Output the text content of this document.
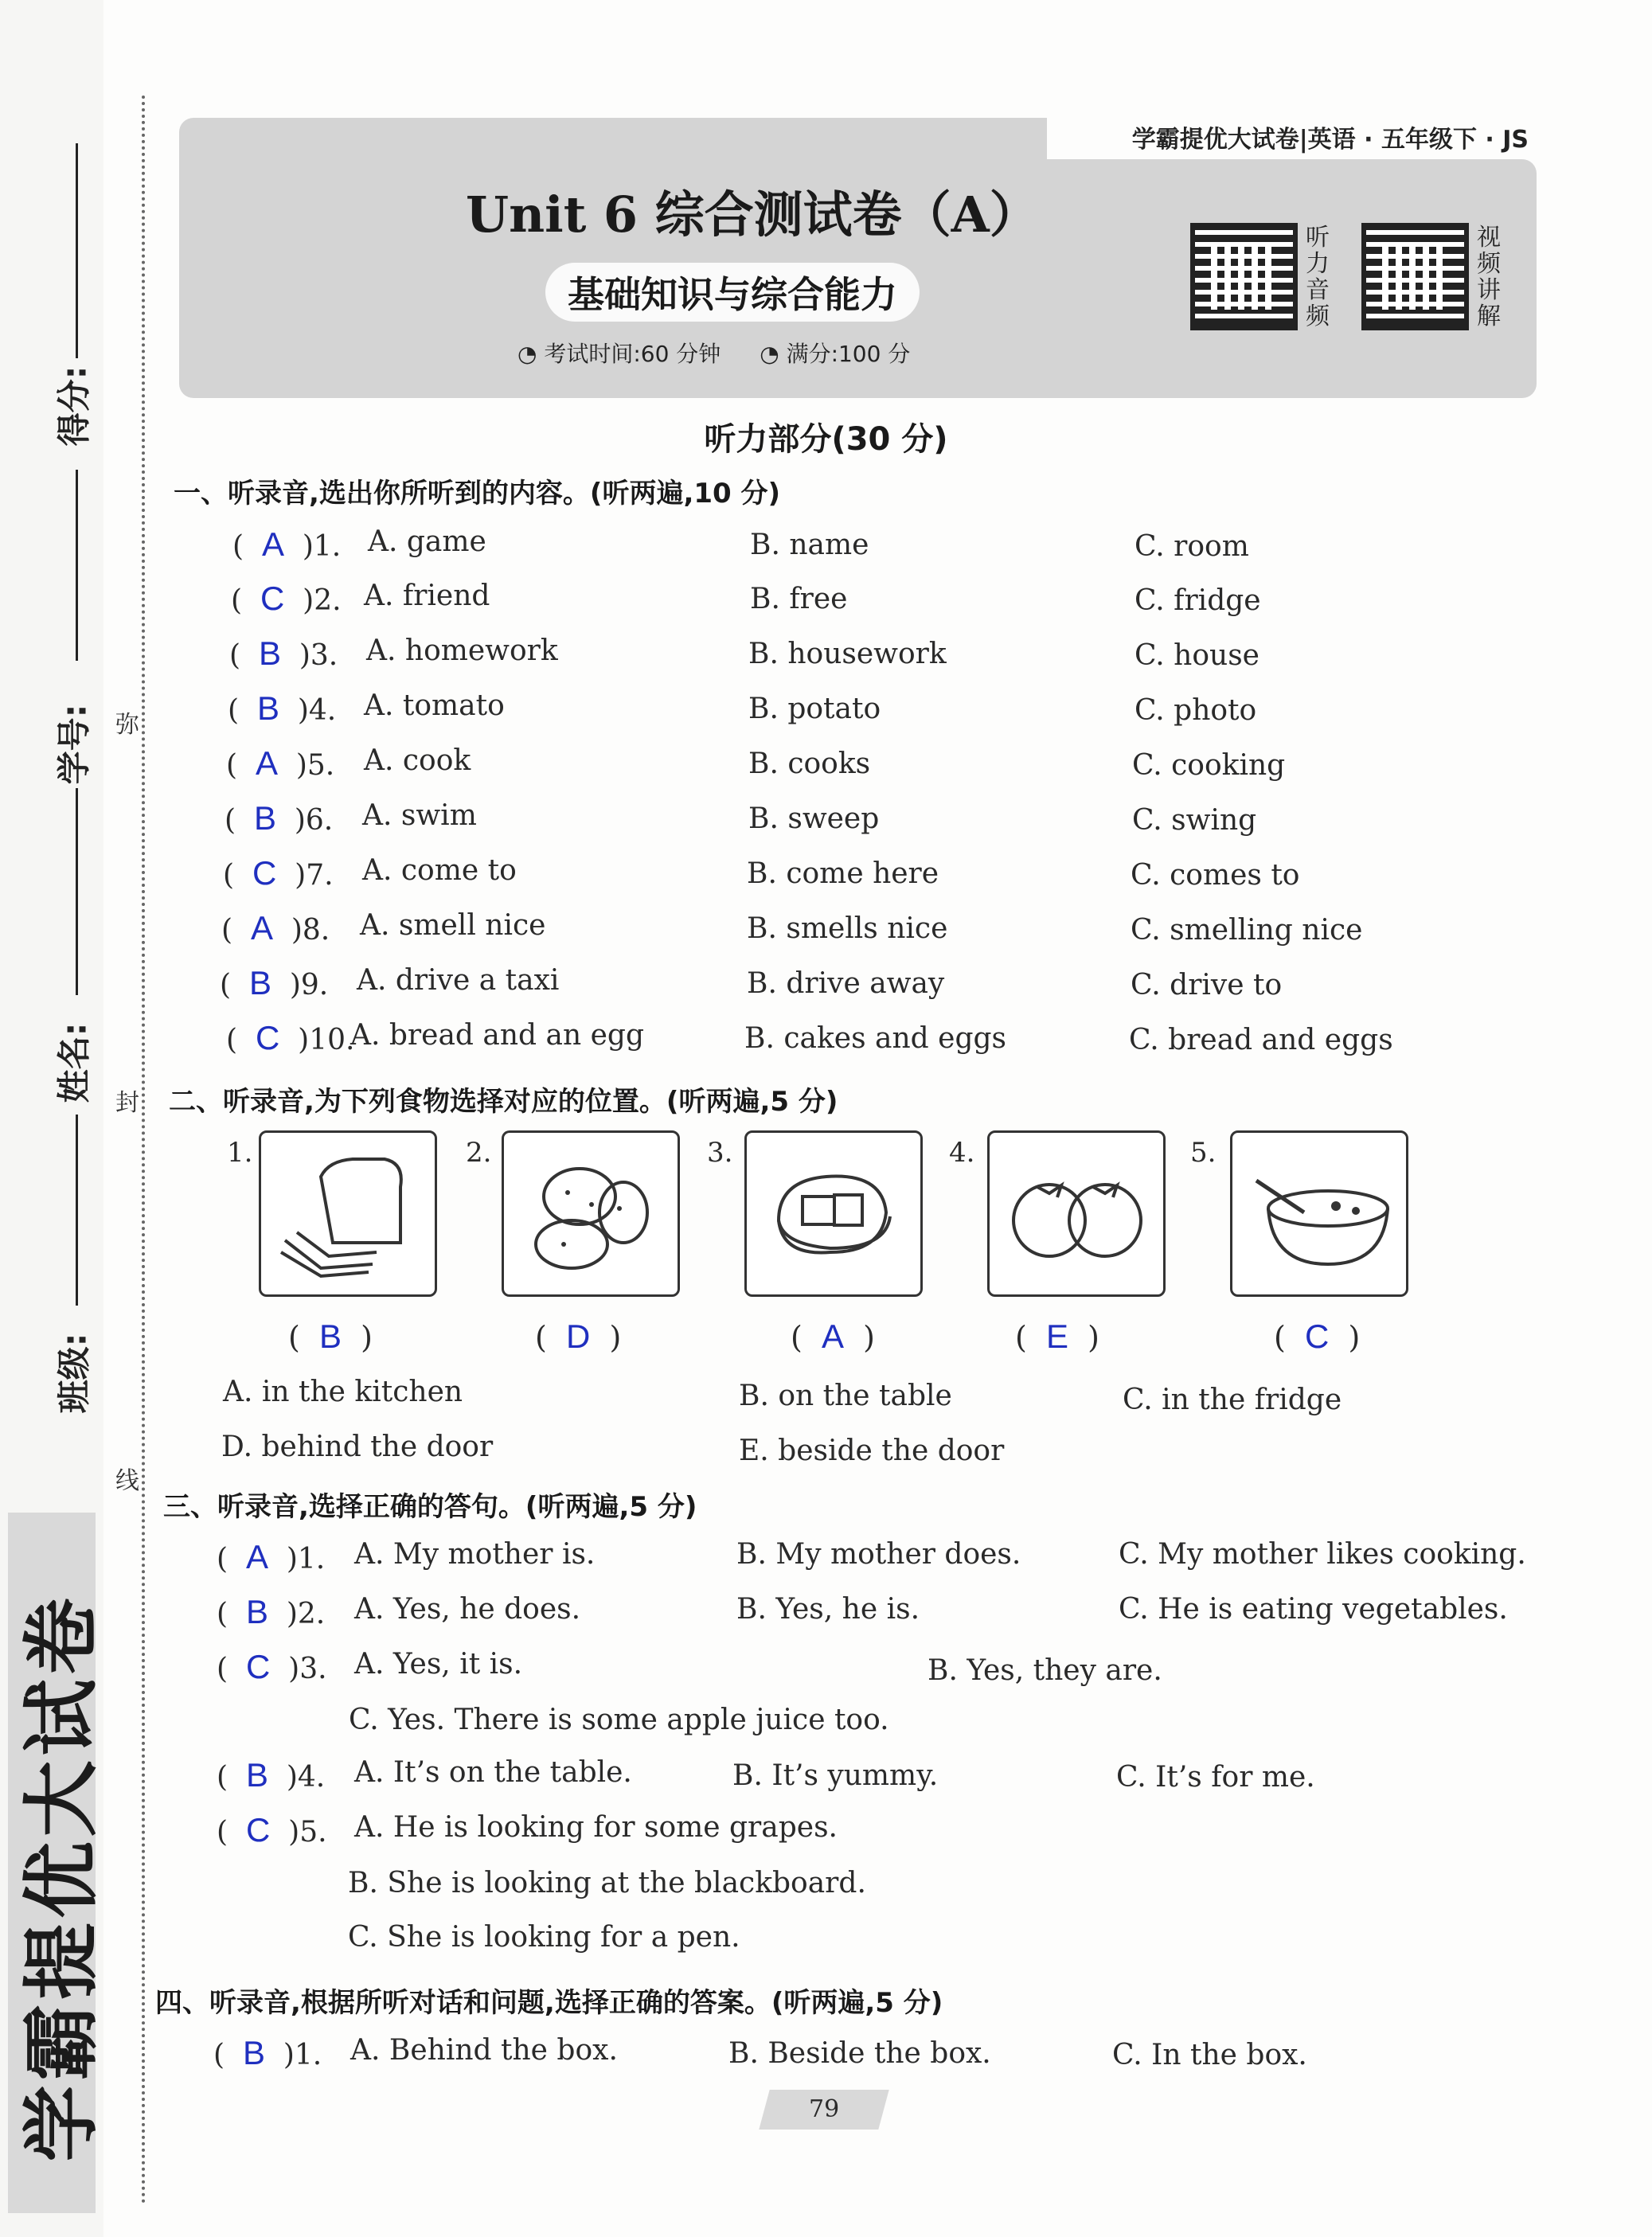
得分:
学号:
姓名:
班级:
弥
封
线
学霸提优大试卷
学霸提优大试卷|英语 · 五年级下 · JS
Unit 6 综合测试卷（A）
基础知识与综合能力
◔ 考试时间:60 分钟 ◔ 满分:100 分
听力音频
视频讲解
听力部分(30 分)
一、听录音,选出你所听到的内容。(听两遍,10 分)
(  A  )1. A. game	B. name	C. room
(  C  )2. A. friend	B. free	C. fridge
(  B  )3. A. homework	B. housework	C. house
(  B  )4. A. tomato	B. potato	C. photo
(  A  )5. A. cook	B. cooks	C. cooking
(  B  )6. A. swim	B. sweep	C. swing
(  C  )7. A. come to	B. come here	C. comes to
(  A  )8. A. smell nice	B. smells nice	C. smelling nice
(  B  )9. A. drive a taxi	B. drive away	C. drive to
(  C  )10.
A. bread and an egg	B. cakes and eggs	C. bread and eggs
二、听录音,为下列食物选择对应的位置。(听两遍,5 分)
1.	2.	3.	4.	5.
(  B  )	(  D  )	(  A  )	(  E  )	(  C  )
A. in the kitchen	B. on the table	C. in the fridge
D. behind the door	E. beside the door
三、听录音,选择正确的答句。(听两遍,5 分)
(  A  )1. A. My mother is.	B. My mother does.	C. My mother likes cooking.
(  B  )2. A. Yes, he does.	B. Yes, he is.	C. He is eating vegetables.
(  C  )3. A. Yes, it is.	B. Yes, they are.
C. Yes. There is some apple juice too.
(  B  )4. A. It’s on the table.	B. It’s yummy.	C. It’s for me.
(  C  )5. A. He is looking for some grapes.
B. She is looking at the blackboard.
C. She is looking for a pen.
四、听录音,根据所听对话和问题,选择正确的答案。(听两遍,5 分)
(  B  )1. A. Behind the box.	B. Beside the box.	C. In the box.
79
